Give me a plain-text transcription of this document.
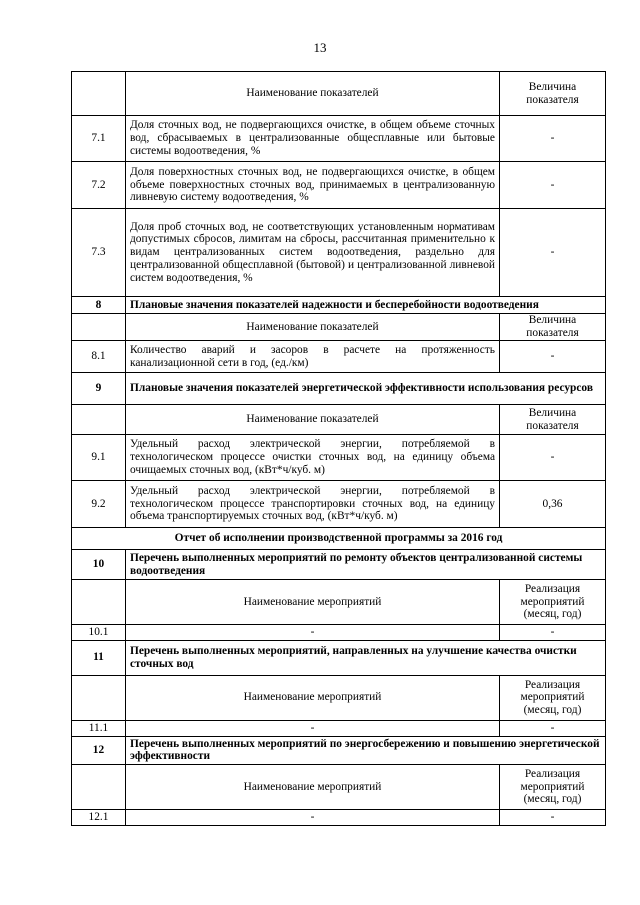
13
	Наименование показателей	Величина показателя
7.1	Доля сточных вод, не подвергающихся очистке, в общем объеме сточных вод, сбрасываемых в централизованные общесплавные или бытовые системы водоотведения, %	-
7.2	Доля поверхностных сточных вод, не подвергающихся очистке, в общем объеме поверхностных сточных вод, принимаемых в централизованную ливневую систему водоотведения, %	-
7.3	Доля проб сточных вод, не соответствующих установленным нормативам допустимых сбросов, лимитам на сбросы, рассчитанная применительно к видам централизованных систем водоотведения, раздельно для централизованной общесплавной (бытовой) и централизованной ливневой систем водоотведения, %	-
8	Плановые значения показателей надежности и бесперебойности водоотведения	
	Наименование показателей	Величина показателя
8.1	Количество аварий и засоров в расчете на протяженность канализационной сети в год, (ед./км)	-
9	Плановые значения показателей энергетической эффективности использования ресурсов	
	Наименование показателей	Величина показателя
9.1	Удельный расход электрической энергии, потребляемой в технологическом процессе очистки сточных вод, на единицу объема очищаемых сточных вод, (кВт*ч/куб. м)	-
9.2	Удельный расход электрической энергии, потребляемой в технологическом процессе транспортировки сточных вод, на единицу объема транспортируемых сточных вод, (кВт*ч/куб. м)	0,36
Отчет об исполнении производственной программы за 2016 год		
10	Перечень выполненных мероприятий по ремонту объектов централизованной системы водоотведения	
	Наименование мероприятий	Реализация мероприятий (месяц, год)
10.1	-	-
11	Перечень выполненных мероприятий, направленных на улучшение качества очистки сточных вод	
	Наименование мероприятий	Реализация мероприятий (месяц, год)
11.1	-	-
12	Перечень выполненных мероприятий по энергосбережению и повышению энергетической эффективности	
	Наименование мероприятий	Реализация мероприятий (месяц, год)
12.1	-	-
